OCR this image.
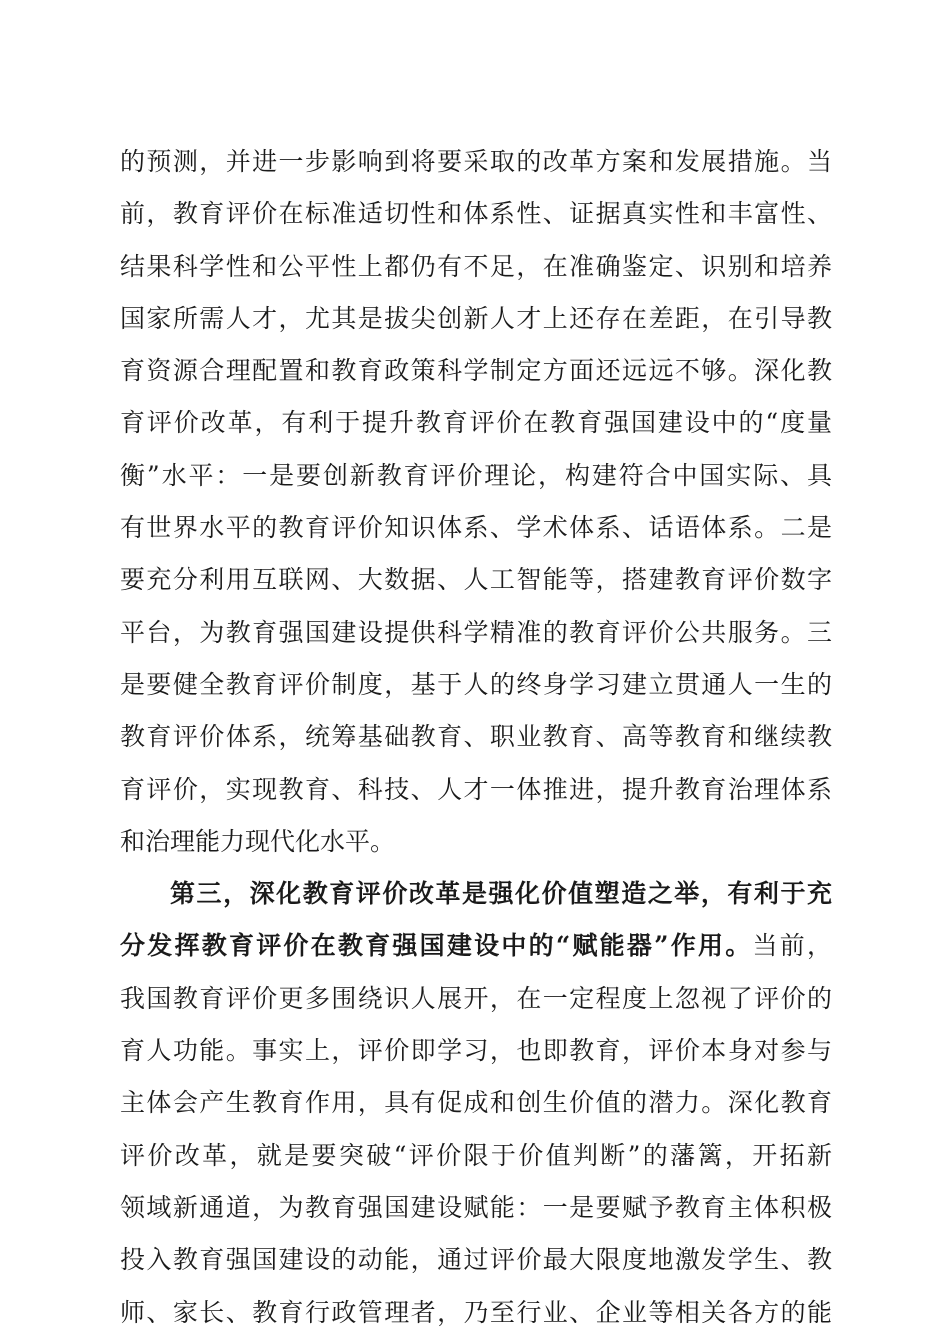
的预测，并进一步影响到将要采取的改革方案和发展措施。当
前，教育评价在标准适切性和体系性、证据真实性和丰富性、
结果科学性和公平性上都仍有不足，在准确鉴定、识别和培养
国家所需人才，尤其是拔尖创新人才上还存在差距，在引导教
育资源合理配置和教育政策科学制定方面还远远不够。深化教
育评价改革，有利于提升教育评价在教育强国建设中的“度量
衡”水平：一是要创新教育评价理论，构建符合中国实际、具
有世界水平的教育评价知识体系、学术体系、话语体系。二是
要充分利用互联网、大数据、人工智能等，搭建教育评价数字
平台，为教育强国建设提供科学精准的教育评价公共服务。三
是要健全教育评价制度，基于人的终身学习建立贯通人一生的
教育评价体系，统筹基础教育、职业教育、高等教育和继续教
育评价，实现教育、科技、人才一体推进，提升教育治理体系
和治理能力现代化水平。
第三，深化教育评价改革是强化价值塑造之举，有利于充
分发挥教育评价在教育强国建设中的“赋能器”作用。当前，
我国教育评价更多围绕识人展开，在一定程度上忽视了评价的
育人功能。事实上，评价即学习，也即教育，评价本身对参与
主体会产生教育作用，具有促成和创生价值的潜力。深化教育
评价改革，就是要突破“评价限于价值判断”的藩篱，开拓新
领域新通道，为教育强国建设赋能：一是要赋予教育主体积极
投入教育强国建设的动能，通过评价最大限度地激发学生、教
师、家长、教育行政管理者，乃至行业、企业等相关各方的能
